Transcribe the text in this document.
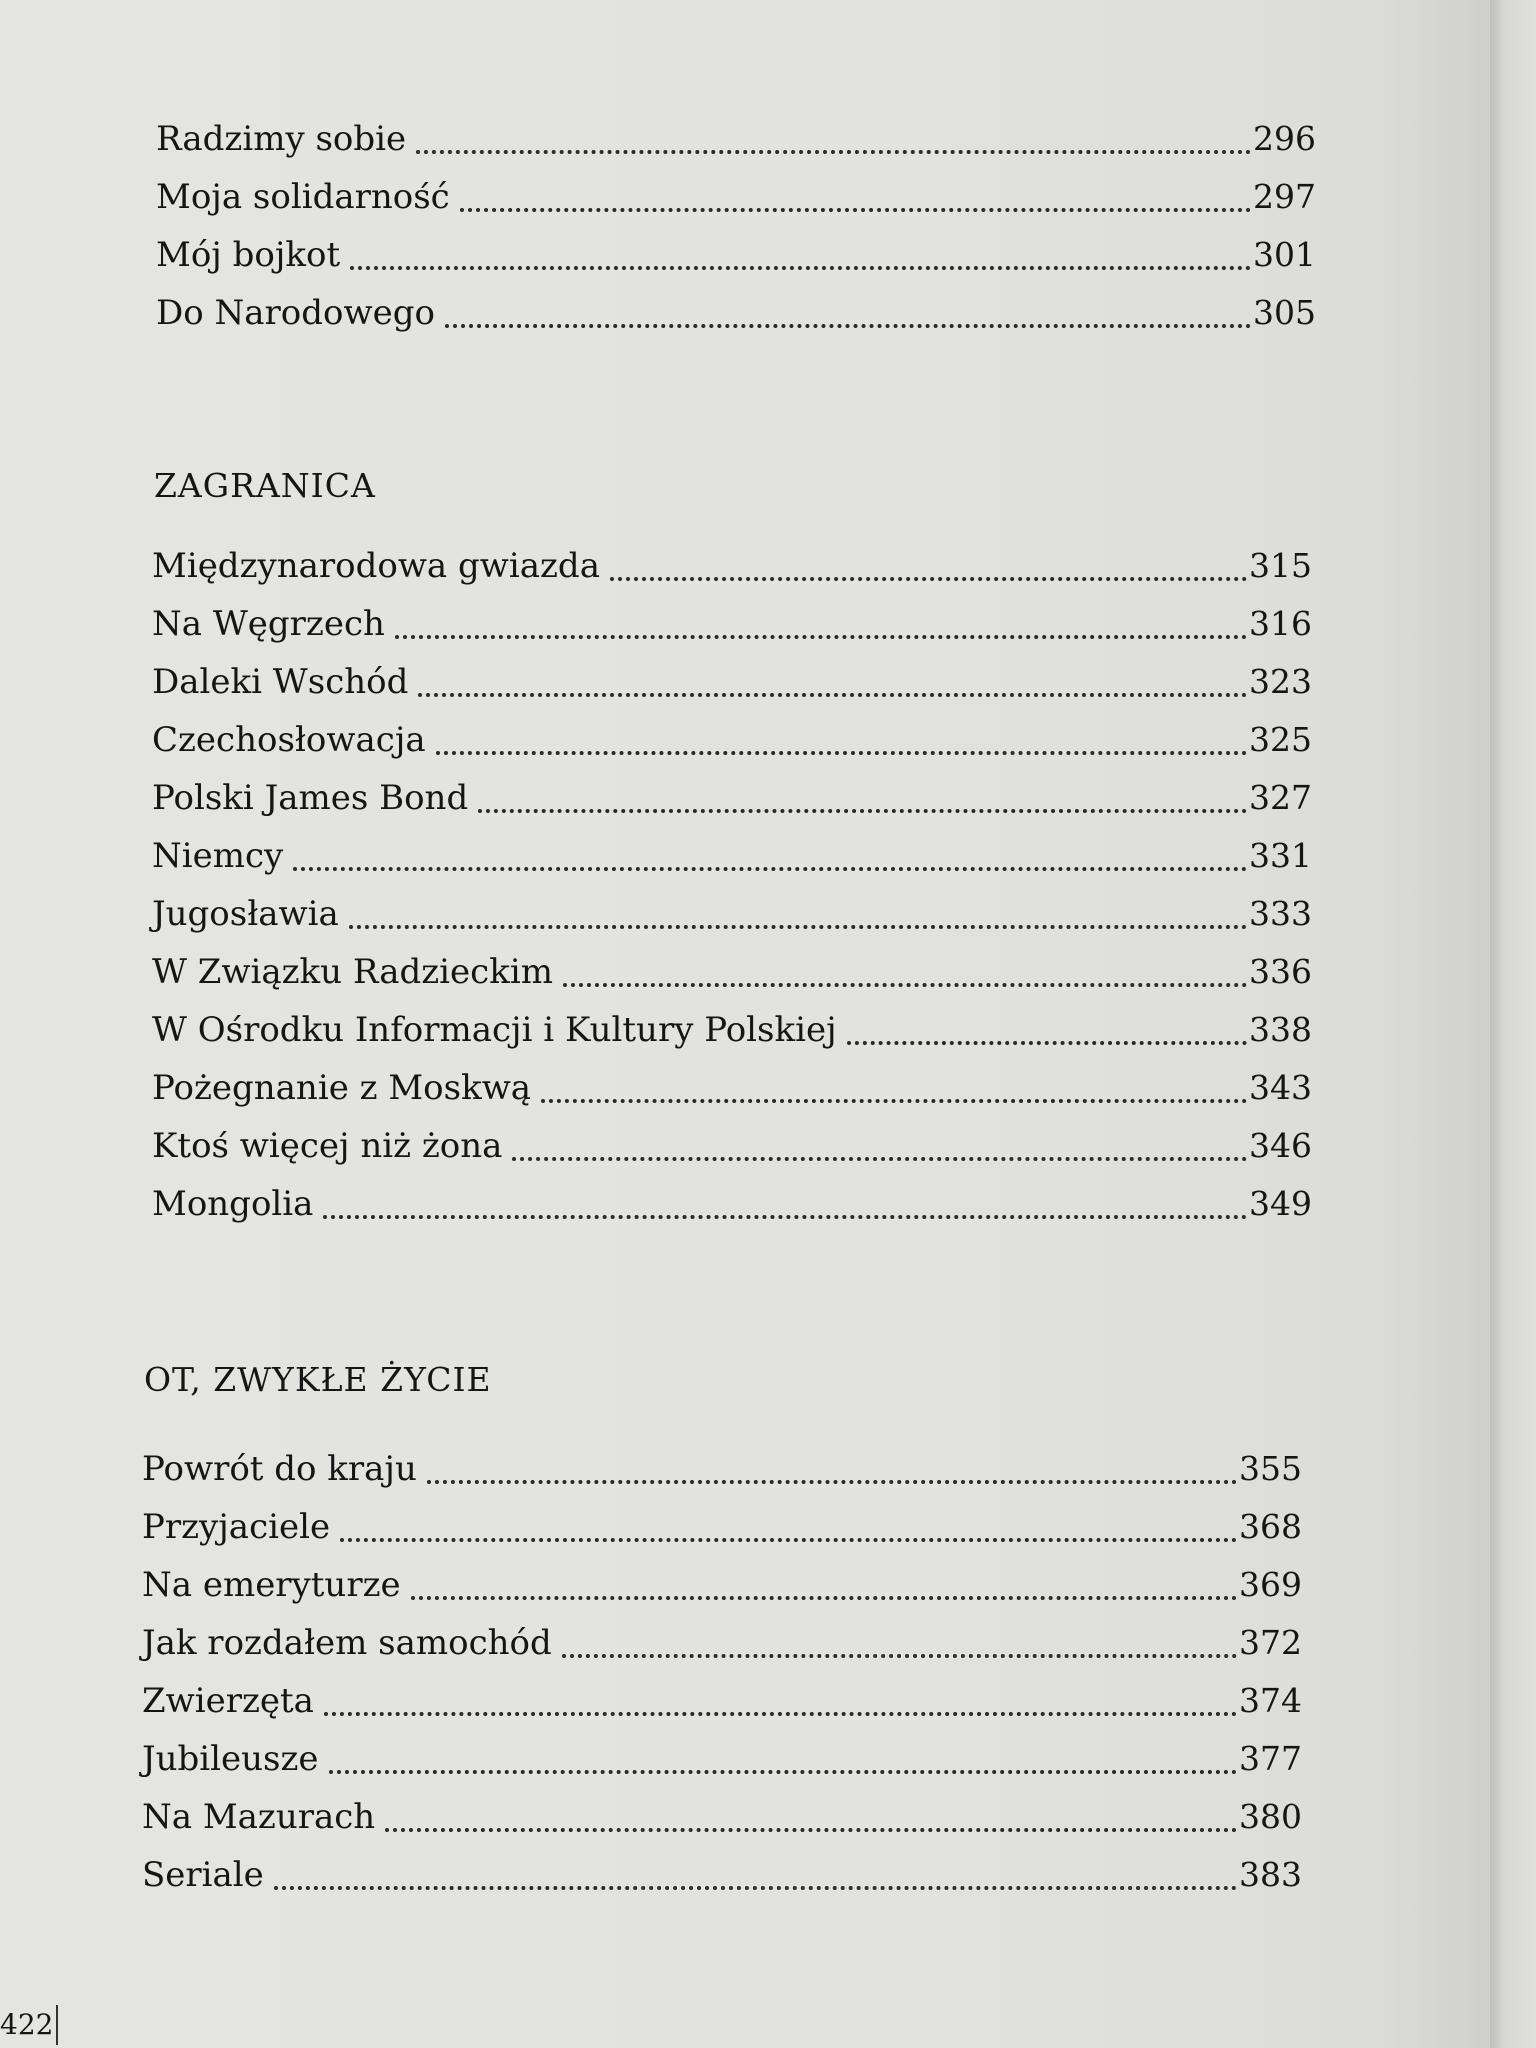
Radzimy sobie	296
Moja solidarność	297
Mój bojkot	301
Do Narodowego	305
ZAGRANICA
Międzynarodowa gwiazda	315
Na Węgrzech	316
Daleki Wschód	323
Czechosłowacja	325
Polski James Bond	327
Niemcy	331
Jugosławia	333
W Związku Radzieckim	336
W Ośrodku Informacji i Kultury Polskiej	338
Pożegnanie z Moskwą	343
Ktoś więcej niż żona	346
Mongolia	349
OT, ZWYKŁE ŻYCIE
Powrót do kraju	355
Przyjaciele	368
Na emeryturze	369
Jak rozdałem samochód	372
Zwierzęta	374
Jubileusze	377
Na Mazurach	380
Seriale	383
422
